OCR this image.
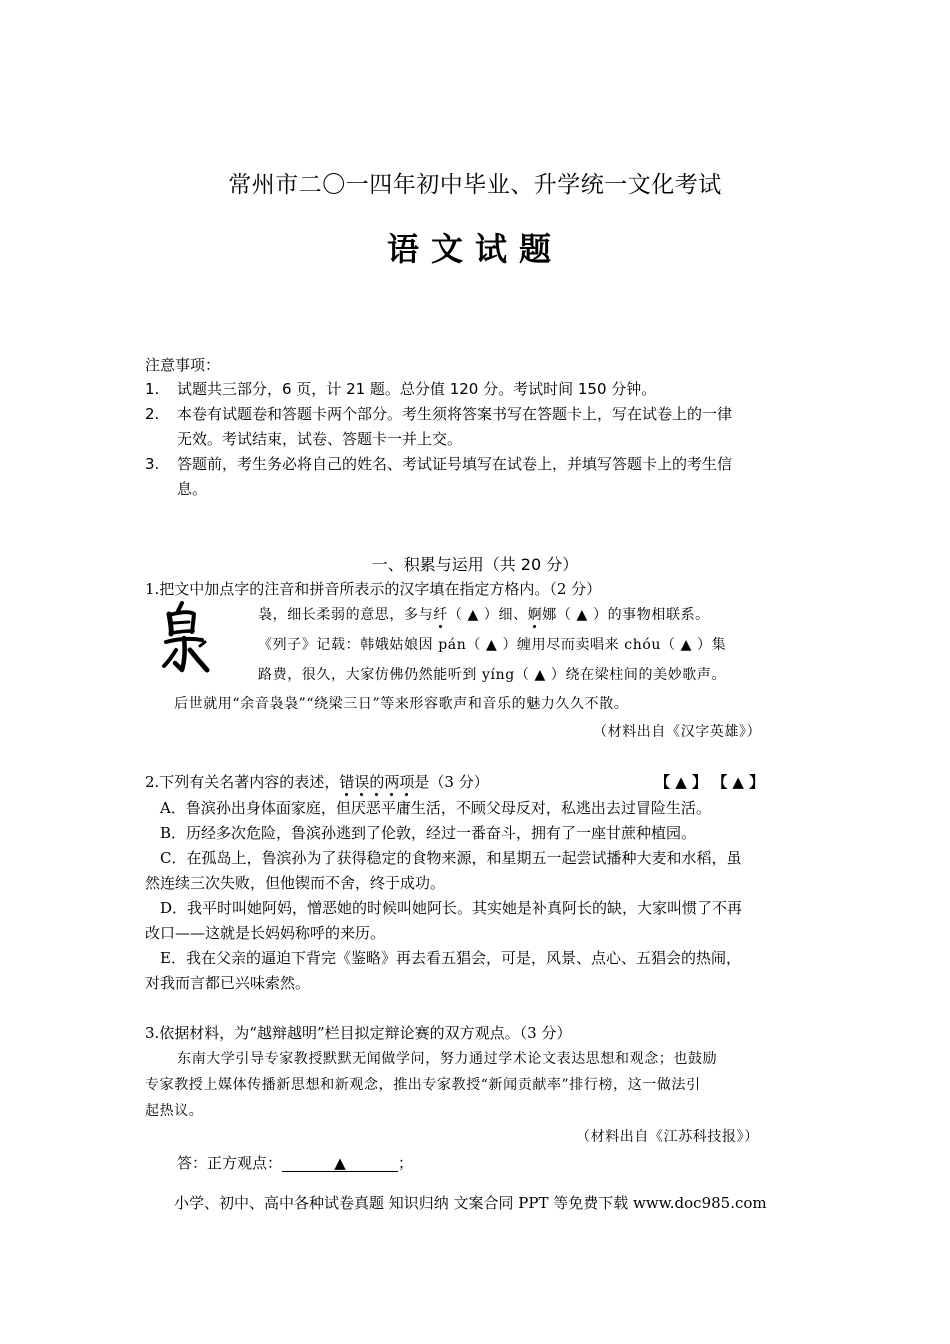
常州市二〇一四年初中毕业、升学统一文化考试
语文试题
注意事项：
1. 试题共三部分，6 页，计 21 题。总分值 120 分。考试时间 150 分钟。
2. 本卷有试题卷和答题卡两个部分。考生须将答案书写在答题卡上，写在试卷上的一律
无效。考试结束，试卷、答题卡一并上交。
3. 答题前，考生务必将自己的姓名、考试证号填写在试卷上，并填写答题卡上的考生信
息。
一、积累与运用（共 20 分）
1.把文中加点字的注音和拼音所表示的汉字填在指定方格内。（2 分）
袅，细长柔弱的意思，多与纤（ ▲ ）细、婀娜（ ▲ ）的事物相联系。
《列子》记载：韩娥姑娘因 pán（ ▲ ）缠用尽而卖唱来 chóu（ ▲ ）集
路费，很久，大家仿佛仍然能听到 yíng（ ▲ ）绕在梁柱间的美妙歌声。
后世就用“余音袅袅”“绕梁三日”等来形容歌声和音乐的魅力久久不散。
（材料出自《汉字英雄》）
2.下列有关名著内容的表述，错误的两项是（3 分）	【 ▲ 】 【 ▲ 】
A．鲁滨孙出身体面家庭，但厌恶平庸生活，不顾父母反对，私逃出去过冒险生活。
B．历经多次危险，鲁滨孙逃到了伦敦，经过一番奋斗，拥有了一座甘蔗种植园。
C．在孤岛上，鲁滨孙为了获得稳定的食物来源，和星期五一起尝试播种大麦和水稻，虽
然连续三次失败，但他锲而不舍，终于成功。
D．我平时叫她阿妈，憎恶她的时候叫她阿长。其实她是补真阿长的缺，大家叫惯了不再
改口——这就是长妈妈称呼的来历。
E．我在父亲的逼迫下背完《鉴略》再去看五猖会，可是，风景、点心、五猖会的热闹，
对我而言都已兴味索然。
3.依据材料，为“越辩越明”栏目拟定辩论赛的双方观点。（3 分）
东南大学引导专家教授默默无闻做学问，努力通过学术论文表达思想和观念；也鼓励
专家教授上媒体传播新思想和新观念，推出专家教授“新闻贡献率”排行榜，这一做法引
起热议。
（材料出自《江苏科技报》）
答：正方观点：	▲	；
小学、初中、高中各种试卷真题 知识归纳 文案合同 PPT 等免费下载 www.doc985.com
